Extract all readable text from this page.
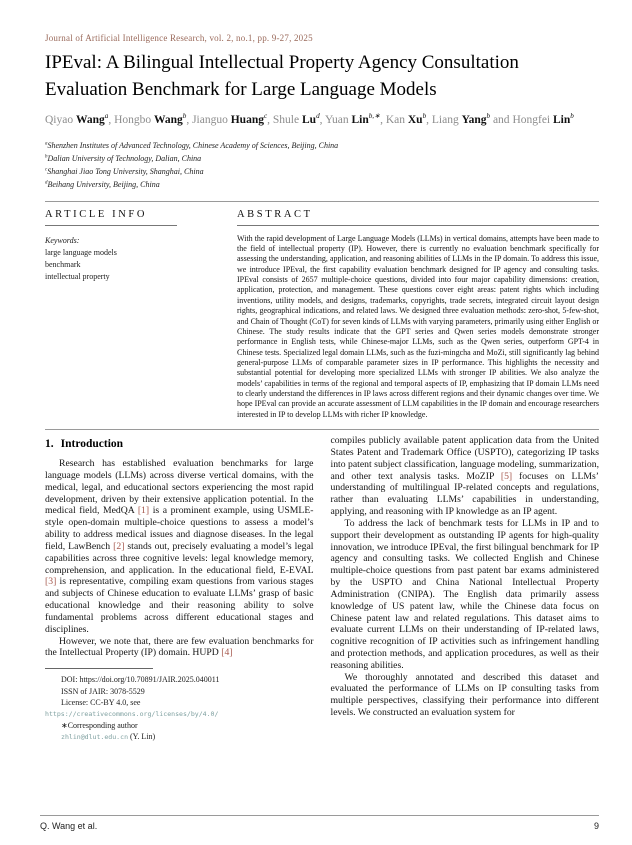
Journal of Artificial Intelligence Research, vol. 2, no.1, pp. 9-27, 2025
IPEval: A Bilingual Intellectual Property Agency Consultation Evaluation Benchmark for Large Language Models
Qiyao Wang$^a$, Hongbo Wang$^b$, Jianguo Huang$^c$, Shule Lu$^d$, Yuan Lin$^{b,∗}$, Kan Xu$^b$, Liang Yang$^b$ and Hongfei Lin$^b$
$^a$Shenzhen Institutes of Advanced Technology, Chinese Academy of Sciences, Beijing, China
$^b$Dalian University of Technology, Dalian, China
$^c$Shanghai Jiao Tong University, Shanghai, China
$^d$Beihang University, Beijing, China
ARTICLE INFO
Keywords:
large language models
benchmark
intellectual property
ABSTRACT
With the rapid development of Large Language Models (LLMs) in vertical domains, attempts have been made to the field of intellectual property (IP). However, there is currently no evaluation benchmark specifically for assessing the understanding, application, and reasoning abilities of LLMs in the IP domain. To address this issue, we introduce IPEval, the first capability evaluation benchmark designed for IP agency and consulting tasks. IPEval consists of 2657 multiple-choice questions, divided into four major capability dimensions: creation, application, protection, and management. These questions cover eight areas: patent rights which including inventions, utility models, and designs, trademarks, copyrights, trade secrets, integrated circuit layout design rights, geographical indications, and related laws. We designed three evaluation methods: zero-shot, 5-few-shot, and Chain of Thought (CoT) for seven kinds of LLMs with varying parameters, primarily using either English or Chinese. The study results indicate that the GPT series and Qwen series models demonstrate stronger performance in English tests, while Chinese-major LLMs, such as the Qwen series, outperform GPT-4 in Chinese tests. Specialized legal domain LLMs, such as the fuzi-mingcha and MoZi, still significantly lag behind general-purpose LLMs of comparable parameter sizes in IP performance. This highlights the necessity and substantial potential for developing more specialized LLMs with stronger IP abilities. We also analyze the models’ capabilities in terms of the regional and temporal aspects of IP, emphasizing that IP domain LLMs need to clearly understand the differences in IP laws across different regions and their dynamic changes over time. We hope IPEval can provide an accurate assessment of LLM capabilities in the IP domain and encourage researchers interested in IP to develop LLMs with richer IP knowledge.
1. Introduction
Research has established evaluation benchmarks for large language models (LLMs) across diverse vertical domains, with the medical, legal, and educational sectors experiencing the most rapid development, driven by their extensive application potential. In the medical field, MedQA [1] is a prominent example, using USMLE-style open-domain multiple-choice questions to assess a model’s ability to address medical issues and diagnose diseases. In the legal field, LawBench [2] stands out, precisely evaluating a model’s legal capabilities across three cognitive levels: legal knowledge memory, comprehension, and application. In the educational field, E-EVAL [3] is representative, compiling exam questions from various stages and subjects of Chinese education to evaluate LLMs’ grasp of basic educational knowledge and their reasoning ability to solve fundamental problems across different educational stages and disciplines.
However, we note that, there are few evaluation benchmarks for the Intellectual Property (IP) domain. HUPD [4]
DOI: https://doi.org/10.70891/JAIR.2025.040011
ISSN of JAIR: 3078-5529
License: CC-BY 4.0, see https://creativecommons.org/licenses/by/4.0/
∗Corresponding author
zhlin@dlut.edu.cn (Y. Lin)
compiles publicly available patent application data from the United States Patent and Trademark Office (USPTO), categorizing IP tasks into patent subject classification, language modeling, summarization, and other text analysis tasks. MoZIP [5] focuses on LLMs’ understanding of multilingual IP-related concepts and regulations, rather than evaluating LLMs’ capabilities in understanding, applying, and reasoning with IP knowledge as an IP agent.
To address the lack of benchmark tests for LLMs in IP and to support their development as outstanding IP agents for high-quality innovation, we introduce IPEval, the first bilingual benchmark for IP agency and consulting tasks. We collected English and Chinese multiple-choice questions from past patent bar exams administered by the USPTO and China National Intellectual Property Administration (CNIPA). The English data primarily assess knowledge of US patent law, while the Chinese data focus on Chinese patent law and related regulations. This dataset aims to evaluate current LLMs on their understanding of IP-related laws, cognitive recognition of IP activities such as infringement handling and protection methods, and application procedures, as well as their reasoning abilities.
We thoroughly annotated and described this dataset and evaluated the performance of LLMs on IP consulting tasks from multiple perspectives, classifying their performance into different levels. We constructed an evaluation system for
Q. Wang et al.	9
